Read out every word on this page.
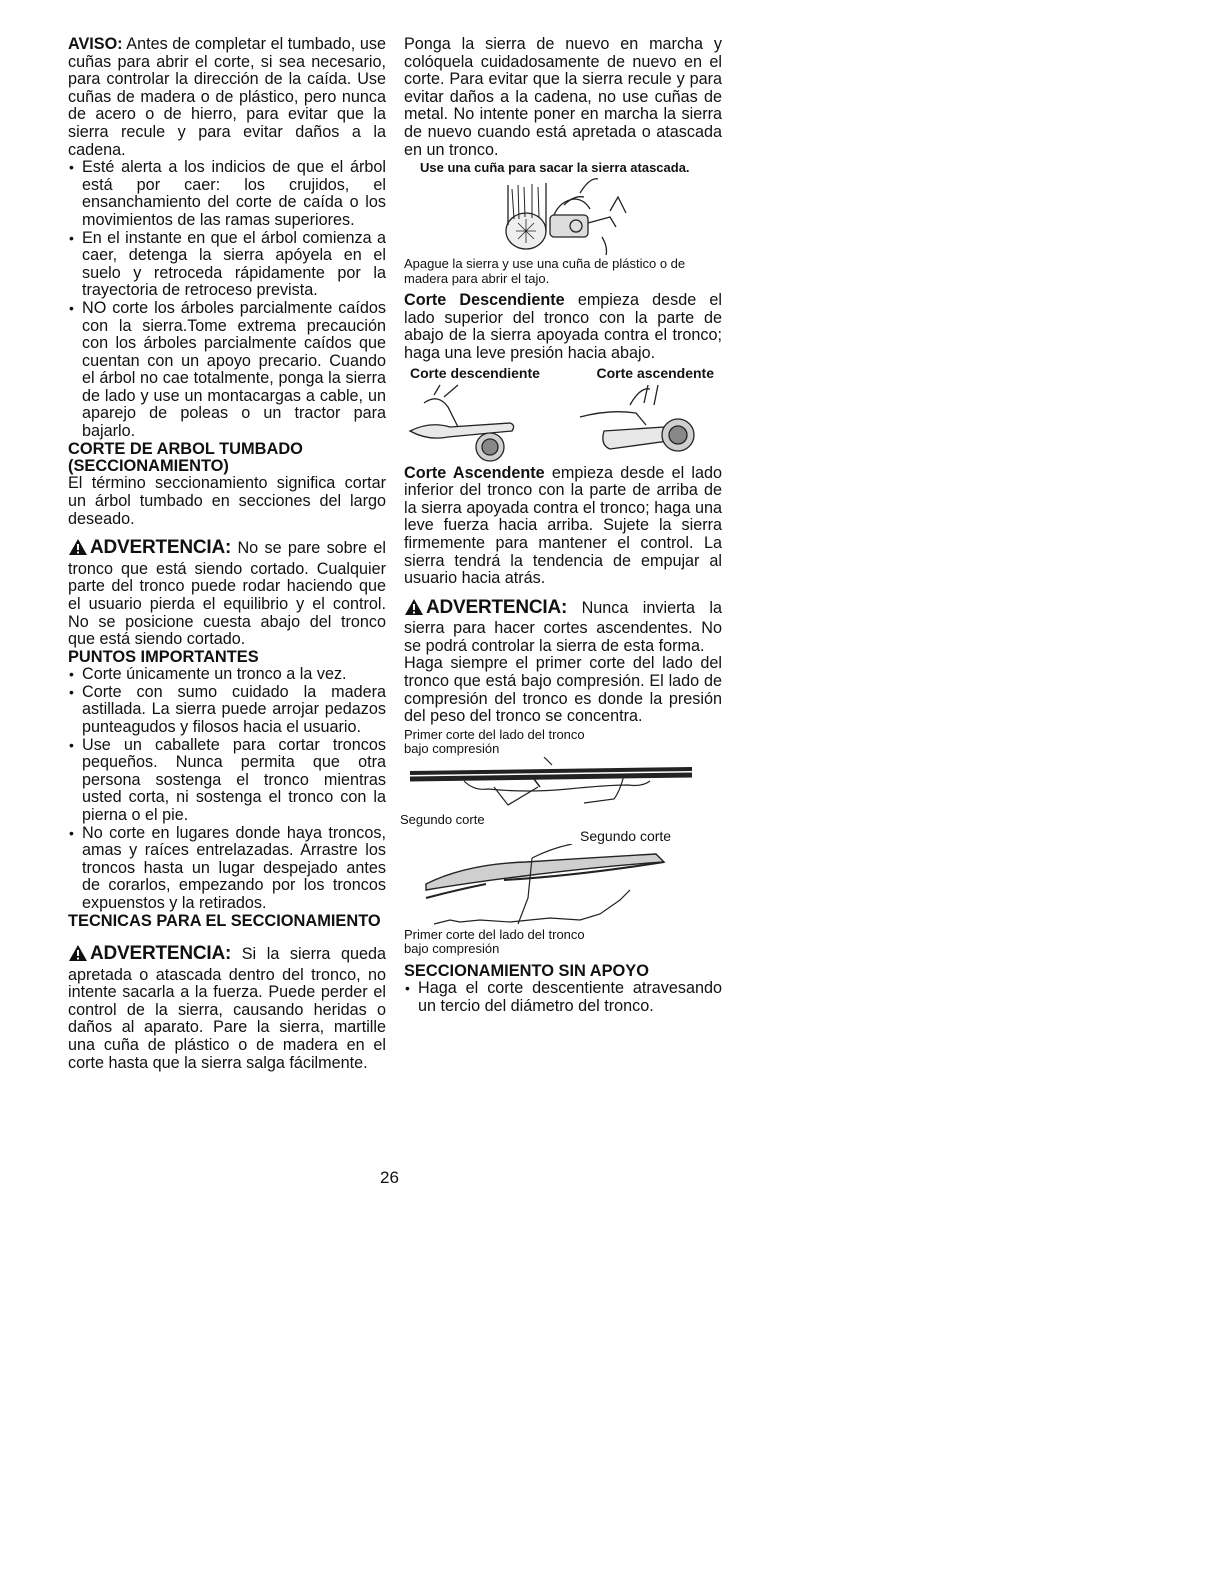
AVISO: Antes de completar el tumbado, use cuñas para abrir el corte, si sea necesario, para controlar la dirección de la caída. Use cuñas de madera o de plástico, pero nunca de acero o de hierro, para evitar que la sierra recule y para evitar daños a la cadena.

• Esté alerta a los indicios de que el árbol está por caer: los crujidos, el ensanchamiento del corte de caída o los movimientos de las ramas superiores.
• En el instante en que el árbol comienza a caer, detenga la sierra apóyela en el suelo y retroceda rápidamente por la trayectoria de retroceso prevista.
• NO corte los árboles parcialmente caídos con la sierra.Tome extrema precaución con los árboles parcialmente caídos que cuentan con un apoyo precario. Cuando el árbol no cae totalmente, ponga la sierra de lado y use un montacargas a cable, un aparejo de poleas o un tractor para bajarlo.
CORTE DE ARBOL TUMBADO (SECCIONAMIENTO)

El término seccionamiento significa cortar un árbol tumbado en secciones del largo deseado.

ADVERTENCIA: No se pare sobre el tronco que está siendo cortado. Cualquier parte del tronco puede rodar haciendo que el usuario pierda el equilibrio y el control. No se posicione cuesta abajo del tronco que está siendo cortado.

PUNTOS IMPORTANTES
• Corte únicamente un tronco a la vez.
• Corte con sumo cuidado la madera astillada. La sierra puede arrojar pedazos punteagudos y filosos hacia el usuario.
• Use un caballete para cortar troncos pequeños. Nunca permita que otra persona sostenga el tronco mientras usted corta, ni sostenga el tronco con la pierna o el pie.
• No corte en lugares donde haya troncos, amas y raíces entrelazadas. Arrastre los troncos hasta un lugar despejado antes de corarlos, empezando por los troncos expuenstos y la retirados.
TECNICAS PARA EL SECCIONAMIENTO

ADVERTENCIA: Si la sierra queda apretada o atascada dentro del tronco, no intente sacarla a la fuerza. Puede perder el control de la sierra, causando heridas o daños al aparato. Pare la sierra, martille una cuña de plástico o de madera en el corte hasta que la sierra salga fácilmente.

Ponga la sierra de nuevo en marcha y colóquela cuidadosamente de nuevo en el corte. Para evitar que la sierra recule y para evitar daños a la cadena, no use cuñas de metal. No intente poner en marcha la sierra de nuevo cuando está apretada o atascada en un tronco.

Use una cuña para sacar la sierra atascada.
Apague la sierra y use una cuña de plástico o de madera para abrir el tajo.

Corte Descendiente empieza desde el lado superior del tronco con la parte de abajo de la sierra apoyada contra el tronco; haga una leve presión hacia abajo.

Corte descendiente	Corte ascendente

Corte Ascendente empieza desde el lado inferior del tronco con la parte de arriba de la sierra apoyada contra el tronco; haga una leve fuerza hacia arriba. Sujete la sierra firmemente para mantener el control. La sierra tendrá la tendencia de empujar al usuario hacia atrás.

ADVERTENCIA: Nunca invierta la sierra para hacer cortes ascendentes. No se podrá controlar la sierra de esta forma.

Haga siempre el primer corte del lado del tronco que está bajo compresión. El lado de compresión del tronco es donde la presión del peso del tronco se concentra.

Primer corte del lado del tronco
bajo compresión
Segundo corte
Segundo corte
Primer corte del lado del tronco
bajo compresión
SECCIONAMIENTO SIN APOYO
• Haga el corte descentiente atravesando un tercio del diámetro del tronco.
26
